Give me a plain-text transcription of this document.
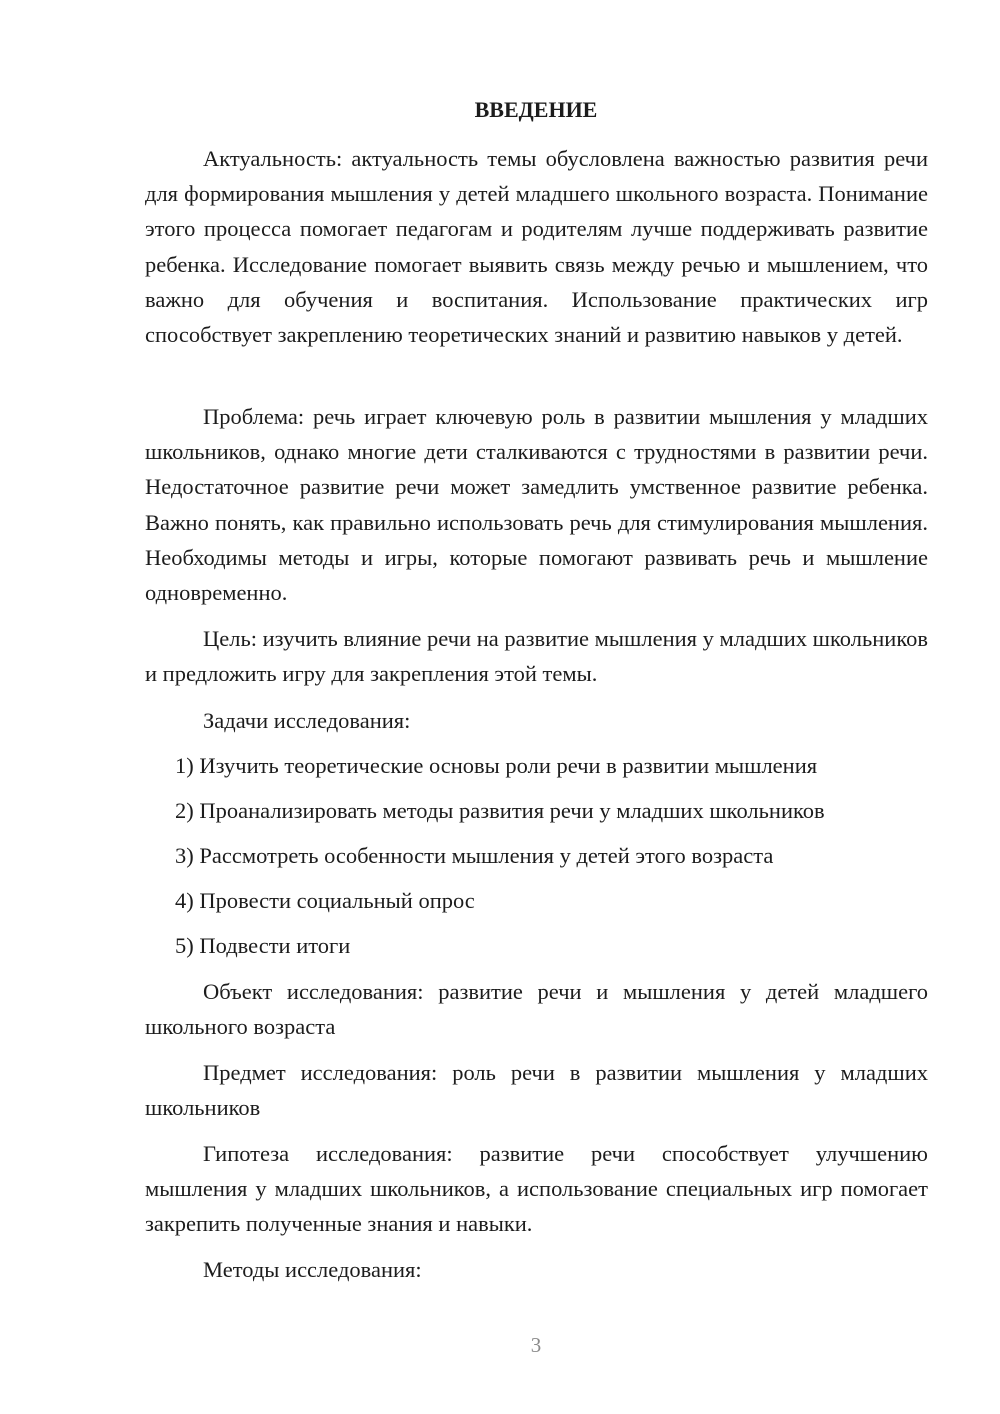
ВВЕДЕНИЕ

Актуальность: актуальность темы обусловлена важностью развития речи для формирования мышления у детей младшего школьного возраста. Понимание этого процесса помогает педагогам и родителям лучше поддерживать развитие ребенка. Исследование помогает выявить связь между речью и мышлением, что важно для обучения и воспитания. Использование практических игр способствует закреплению теоретических знаний и развитию навыков у детей.

Проблема: речь играет ключевую роль в развитии мышления у младших школьников, однако многие дети сталкиваются с трудностями в развитии речи. Недостаточное развитие речи может замедлить умственное развитие ребенка. Важно понять, как правильно использовать речь для стимулирования мышления. Необходимы методы и игры, которые помогают развивать речь и мышление одновременно.

Цель: изучить влияние речи на развитие мышления у младших школьников и предложить игру для закрепления этой темы.

Задачи исследования:

1) Изучить теоретические основы роли речи в развитии мышления

2) Проанализировать методы развития речи у младших школьников

3) Рассмотреть особенности мышления у детей этого возраста

4) Провести социальный опрос

5) Подвести итоги

Объект исследования: развитие речи и мышления у детей младшего школьного возраста

Предмет исследования: роль речи в развитии мышления у младших школьников

Гипотеза исследования: развитие речи способствует улучшению мышления у младших школьников, а использование специальных игр помогает закрепить полученные знания и навыки.

Методы исследования:

3
